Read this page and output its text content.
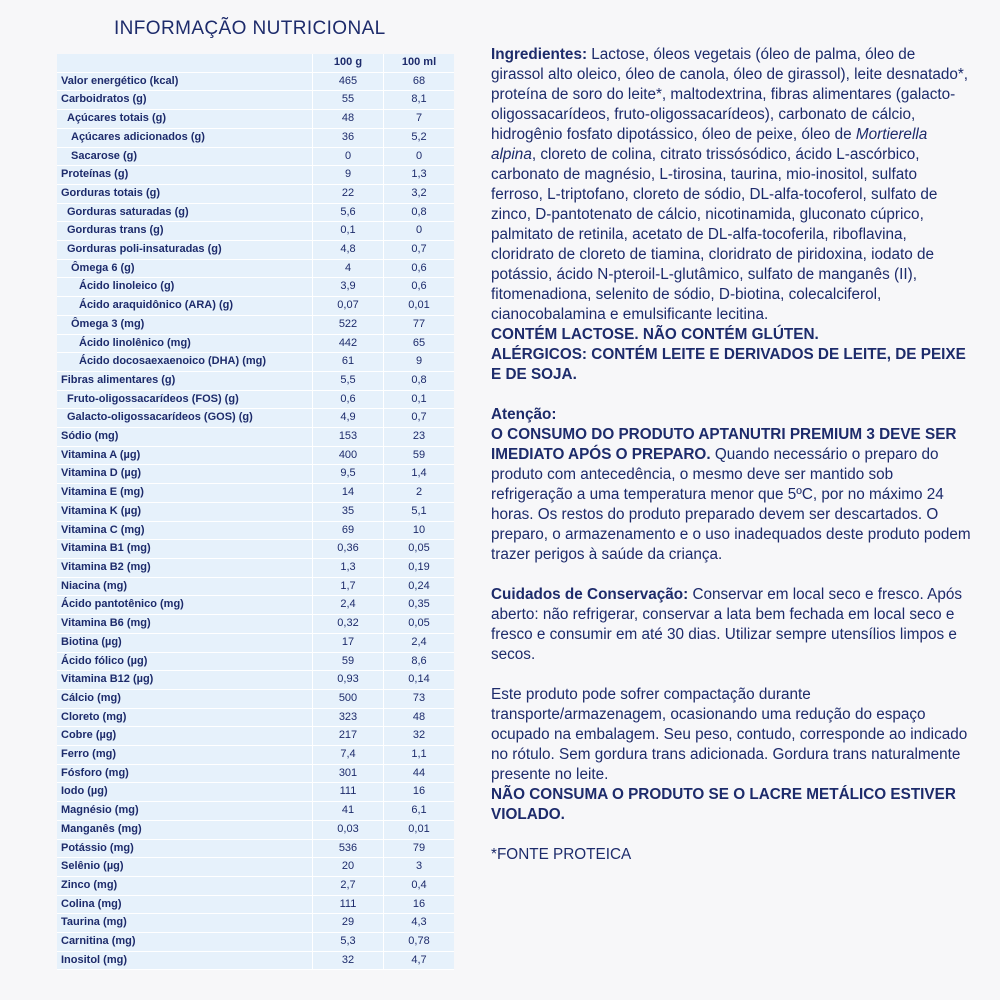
INFORMAÇÃO NUTRICIONAL
	100 g	100 ml
Valor energético (kcal)	465	68
Carboidratos (g)	55	8,1
Açúcares totais (g)	48	7
Açúcares adicionados (g)	36	5,2
Sacarose (g)	0	0
Proteínas (g)	9	1,3
Gorduras totais (g)	22	3,2
Gorduras saturadas (g)	5,6	0,8
Gorduras trans (g)	0,1	0
Gorduras poli-insaturadas (g)	4,8	0,7
Ômega 6 (g)	4	0,6
Ácido linoleico (g)	3,9	0,6
Ácido araquidônico (ARA) (g)	0,07	0,01
Ômega 3 (mg)	522	77
Ácido linolênico (mg)	442	65
Ácido docosaexaenoico (DHA) (mg)	61	9
Fibras alimentares (g)	5,5	0,8
Fruto-oligossacarídeos (FOS) (g)	0,6	0,1
Galacto-oligossacarídeos (GOS) (g)	4,9	0,7
Sódio (mg)	153	23
Vitamina A (µg)	400	59
Vitamina D (µg)	9,5	1,4
Vitamina E (mg)	14	2
Vitamina K (µg)	35	5,1
Vitamina C (mg)	69	10
Vitamina B1 (mg)	0,36	0,05
Vitamina B2 (mg)	1,3	0,19
Niacina (mg)	1,7	0,24
Ácido pantotênico (mg)	2,4	0,35
Vitamina B6 (mg)	0,32	0,05
Biotina (µg)	17	2,4
Ácido fólico (µg)	59	8,6
Vitamina B12 (µg)	0,93	0,14
Cálcio (mg)	500	73
Cloreto (mg)	323	48
Cobre (µg)	217	32
Ferro (mg)	7,4	1,1
Fósforo (mg)	301	44
Iodo (µg)	111	16
Magnésio (mg)	41	6,1
Manganês (mg)	0,03	0,01
Potássio (mg)	536	79
Selênio (µg)	20	3
Zinco (mg)	2,7	0,4
Colina (mg)	111	16
Taurina (mg)	29	4,3
Carnitina (mg)	5,3	0,78
Inositol (mg)	32	4,7

Ingredientes: Lactose, óleos vegetais (óleo de palma, óleo de girassol alto oleico, óleo de canola, óleo de girassol), leite desnatado*, proteína de soro do leite*, maltodextrina, fibras alimentares (galacto-oligossacarídeos, fruto-oligossacarídeos), carbonato de cálcio, hidrogênio fosfato dipotássico, óleo de peixe, óleo de Mortierella alpina, cloreto de colina, citrato trissósódico, ácido L-ascórbico, carbonato de magnésio, L-tirosina, taurina, mio-inositol, sulfato ferroso, L-triptofano, cloreto de sódio, DL-alfa-tocoferol, sulfato de zinco, D-pantotenato de cálcio, nicotinamida, gluconato cúprico, palmitato de retinila, acetato de DL-alfa-tocoferila, riboflavina, cloridrato de cloreto de tiamina, cloridrato de piridoxina, iodato de potássio, ácido N-pteroil-L-glutâmico, sulfato de manganês (II), fitomenadiona, selenito de sódio, D-biotina, colecalciferol, cianocobalamina e emulsificante lecitina.

CONTÉM LACTOSE. NÃO CONTÉM GLÚTEN.

ALÉRGICOS: CONTÉM LEITE E DERIVADOS DE LEITE, DE PEIXE E DE SOJA.

Atenção:

O CONSUMO DO PRODUTO APTANUTRI PREMIUM 3 DEVE SER IMEDIATO APÓS O PREPARO. Quando necessário o preparo do produto com antecedência, o mesmo deve ser mantido sob refrigeração a uma temperatura menor que 5ºC, por no máximo 24 horas. Os restos do produto preparado devem ser descartados. O preparo, o armazenamento e o uso inadequados deste produto podem trazer perigos à saúde da criança.

Cuidados de Conservação: Conservar em local seco e fresco. Após aberto: não refrigerar, conservar a lata bem fechada em local seco e fresco e consumir em até 30 dias. Utilizar sempre utensílios limpos e secos.

Este produto pode sofrer compactação durante transporte/armazenagem, ocasionando uma redução do espaço ocupado na embalagem. Seu peso, contudo, corresponde ao indicado no rótulo. Sem gordura trans adicionada. Gordura trans naturalmente presente no leite.

NÃO CONSUMA O PRODUTO SE O LACRE METÁLICO ESTIVER VIOLADO.

*FONTE PROTEICA
